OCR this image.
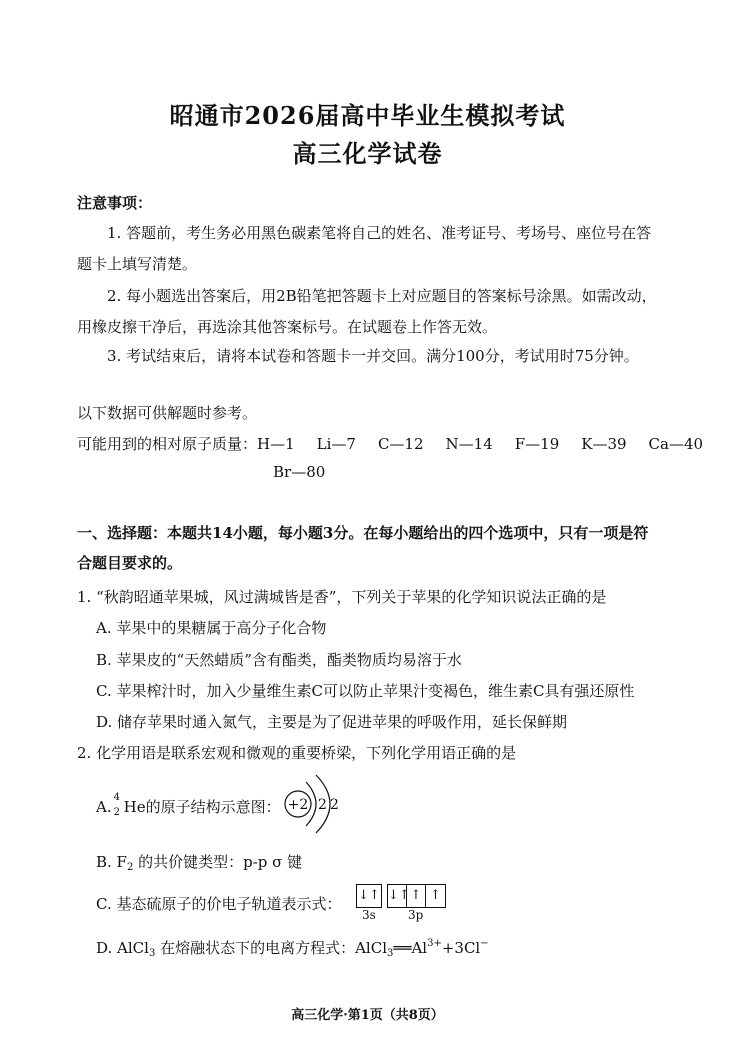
昭通市2026届高中毕业生模拟考试
高三化学试卷
注意事项：
1. 答题前，考生务必用黑色碳素笔将自己的姓名、准考证号、考场号、座位号在答
题卡上填写清楚。
2. 每小题选出答案后，用2B铅笔把答题卡上对应题目的答案标号涂黑。如需改动，
用橡皮擦干净后，再选涂其他答案标号。在试题卷上作答无效。
3. 考试结束后，请将本试卷和答题卡一并交回。满分100分，考试用时75分钟。
以下数据可供解题时参考。
可能用到的相对原子质量：H—1 Li—7 C—12 N—14 F—19 K—39 Ca—40
Br—80
一、选择题：本题共14小题，每小题3分。在每小题给出的四个选项中，只有一项是符
合题目要求的。
1. “秋韵昭通苹果城，风过满城皆是香”，下列关于苹果的化学知识说法正确的是
A. 苹果中的果糖属于高分子化合物
B. 苹果皮的“天然蜡质”含有酯类，酯类物质均易溶于水
C. 苹果榨汁时，加入少量维生素C可以防止苹果汁变褐色，维生素C具有强还原性
D. 储存苹果时通入氮气，主要是为了促进苹果的呼吸作用，延长保鲜期
2. 化学用语是联系宏观和微观的重要桥梁，下列化学用语正确的是
A.
4
2 He的原子结构示意图： +2 2 2
B. $F_2$ 的共价键类型：p-p σ 键
C. 基态硫原子的价电子轨道表示式： ↓↑
3s
↓↑ ↑ ↑
3p
D. AlCl$_3$ 在熔融状态下的电离方程式：$AlCl_3══Al^{3+}+3Cl^-$
高三化学·第1页（共8页）
